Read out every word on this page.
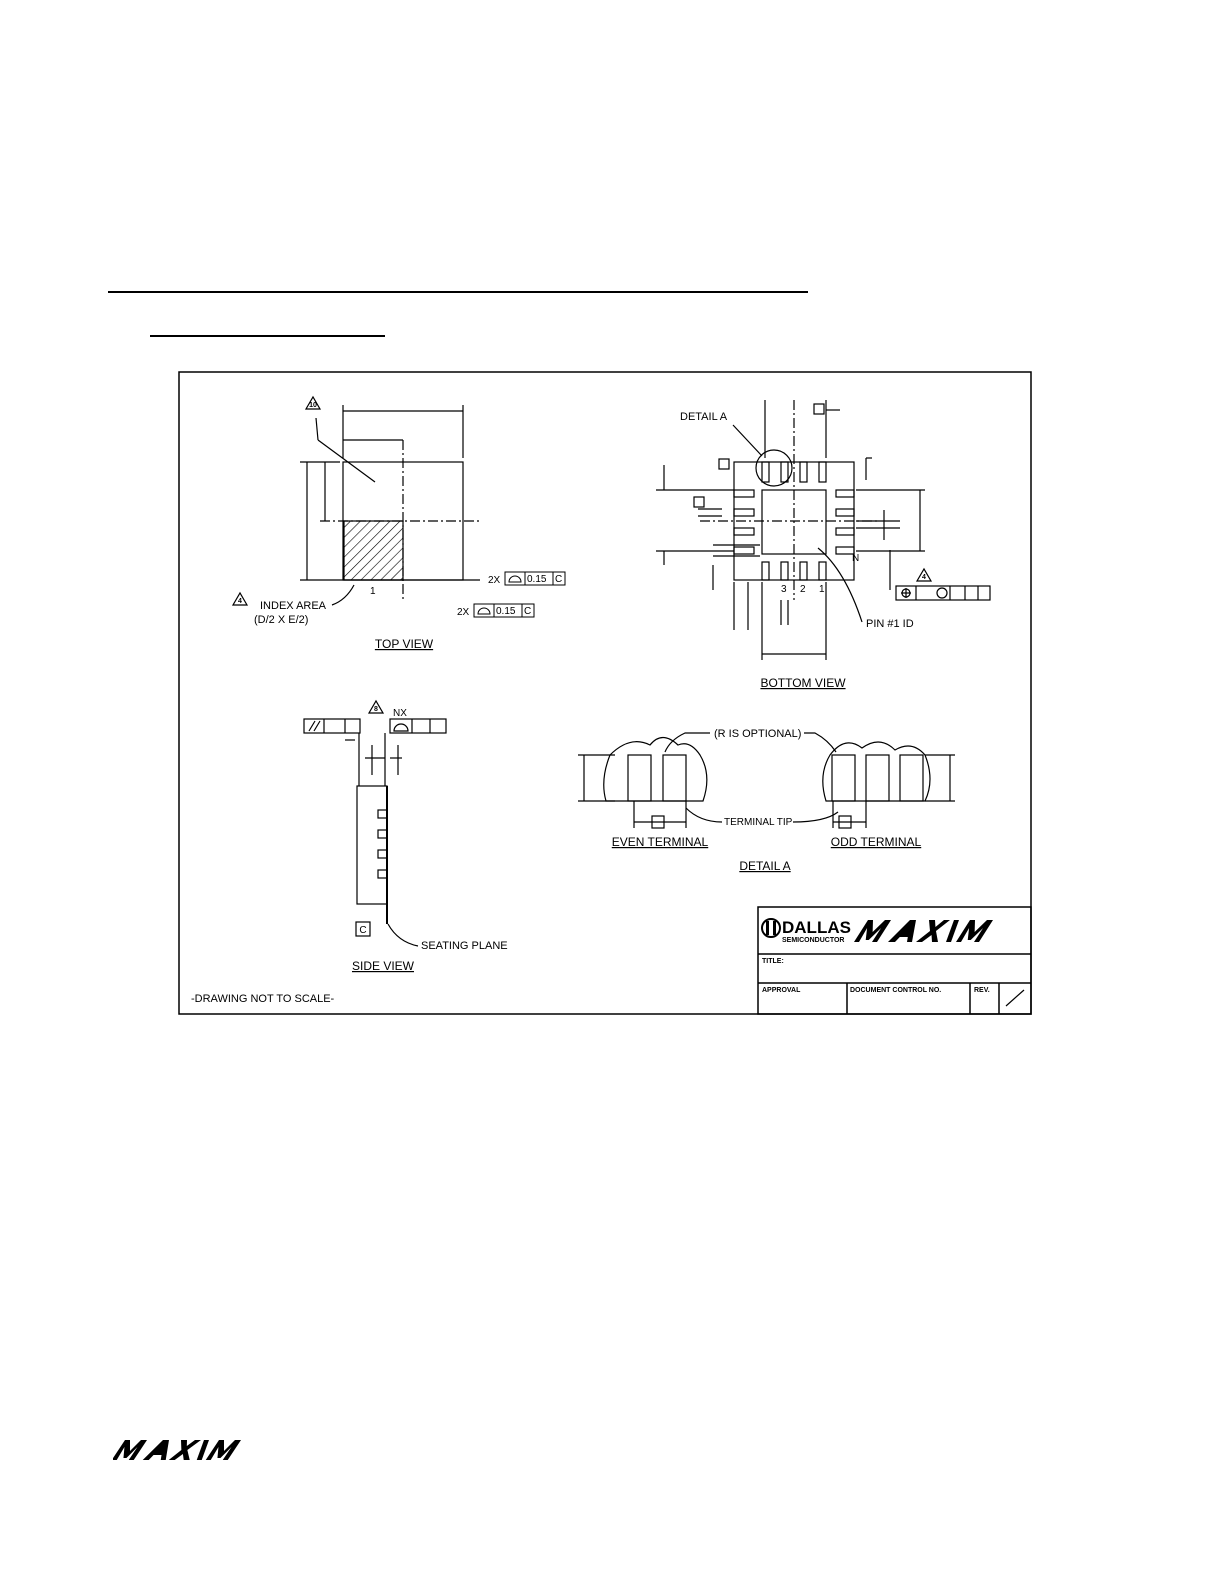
10
4
1
INDEX AREA
(D/2 X E/2)
TOP VIEW
2X	0.15 C
2X	0.15 C
DETAIL A
N
3 2 1
PIN #1 ID
4
BOTTOM VIEW
8 NX
C
SEATING PLANE
SIDE VIEW
(R IS OPTIONAL)
TERMINAL TIP
EVEN TERMINAL	ODD TERMINAL
DETAIL A
DALLAS
SEMICONDUCTOR
TITLE:
APPROVAL	DOCUMENT CONTROL NO.	REV.
-DRAWING NOT TO SCALE-
